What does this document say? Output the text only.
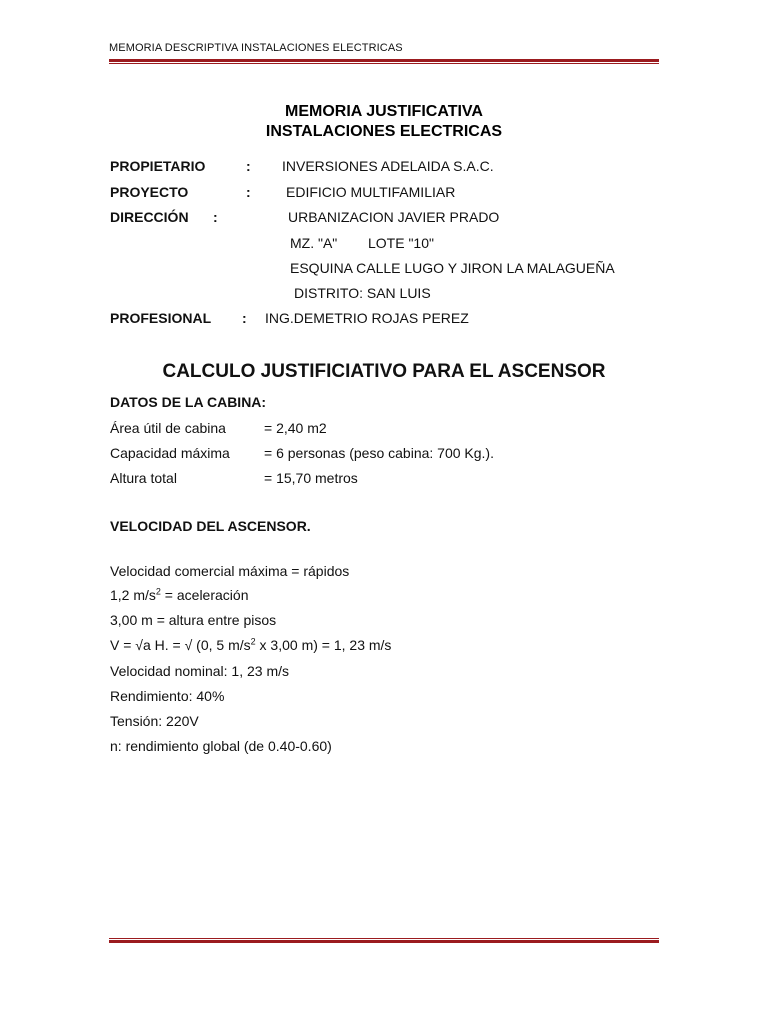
MEMORIA DESCRIPTIVA INSTALACIONES ELECTRICAS
MEMORIA JUSTIFICATIVA
INSTALACIONES ELECTRICAS
PROPIETARIO	: INVERSIONES ADELAIDA S.A.C.
PROYECTO	:	EDIFICIO MULTIFAMILIAR
DIRECCIÓN :	URBANIZACION JAVIER PRADO
MZ. "A" LOTE "10"
ESQUINA CALLE LUGO Y JIRON LA MALAGUEÑA
DISTRITO: SAN LUIS
PROFESIONAL : ING.DEMETRIO ROJAS PEREZ
CALCULO JUSTIFICIATIVO PARA EL ASCENSOR
DATOS DE LA CABINA:
Área útil de cabina	= 2,40 m2
Capacidad máxima = 6 personas (peso cabina: 700 Kg.).
Altura total	= 15,70 metros
VELOCIDAD DEL ASCENSOR.
Velocidad comercial máxima = rápidos
1,2 $m/s^2$ = aceleración
3,00 m = altura entre pisos
V = √a H. = √ (0, 5 $m/s^2$ x 3,00 m) = 1, 23 m/s
Velocidad nominal: 1, 23 m/s
Rendimiento: 40%
Tensión: 220V
n: rendimiento global (de 0.40-0.60)
